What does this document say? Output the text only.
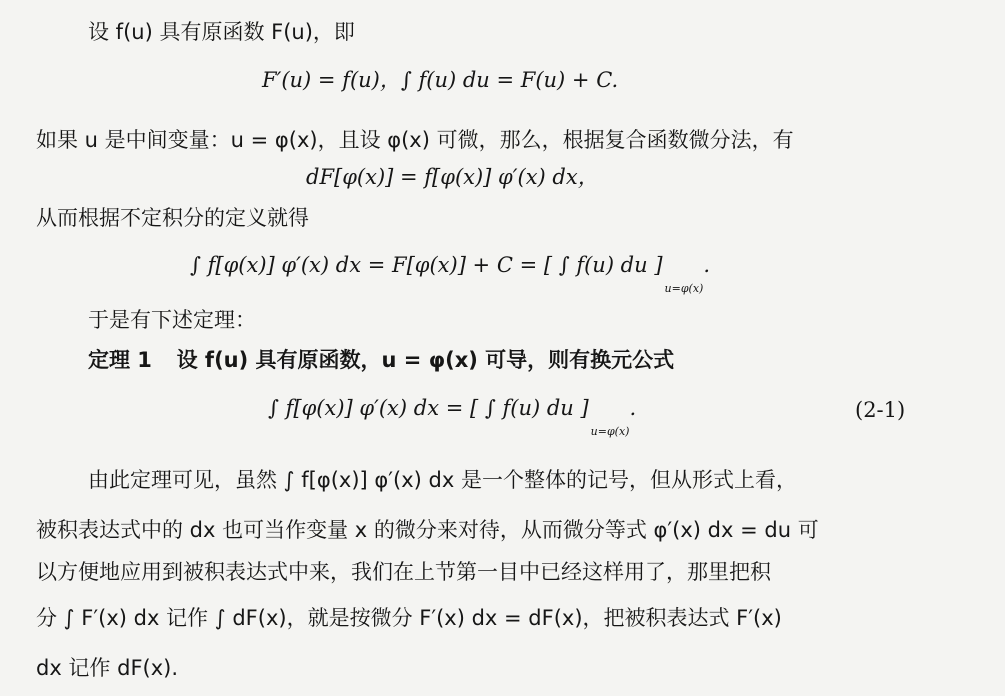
设 f(u) 具有原函数 F(u)，即
F′(u) = f(u)，∫ f(u) du = F(u) + C.
如果 u 是中间变量：u = φ(x)，且设 φ(x) 可微，那么，根据复合函数微分法，有
dF[φ(x)] = f[φ(x)] φ′(x) dx，
从而根据不定积分的定义就得
∫ f[φ(x)] φ′(x) dx = F[φ(x)] + C = [ ∫ f(u) du ]u=φ(x).
于是有下述定理：
定理 1 设 f(u) 具有原函数，u = φ(x) 可导，则有换元公式
∫ f[φ(x)] φ′(x) dx = [ ∫ f(u) du ]u=φ(x).	(2-1)
由此定理可见，虽然 ∫ f[φ(x)] φ′(x) dx 是一个整体的记号，但从形式上看，
被积表达式中的 dx 也可当作变量 x 的微分来对待，从而微分等式 φ′(x) dx = du 可
以方便地应用到被积表达式中来，我们在上节第一目中已经这样用了，那里把积
分 ∫ F′(x) dx 记作 ∫ dF(x)，就是按微分 F′(x) dx = dF(x)，把被积表达式 F′(x)
dx 记作 dF(x).
